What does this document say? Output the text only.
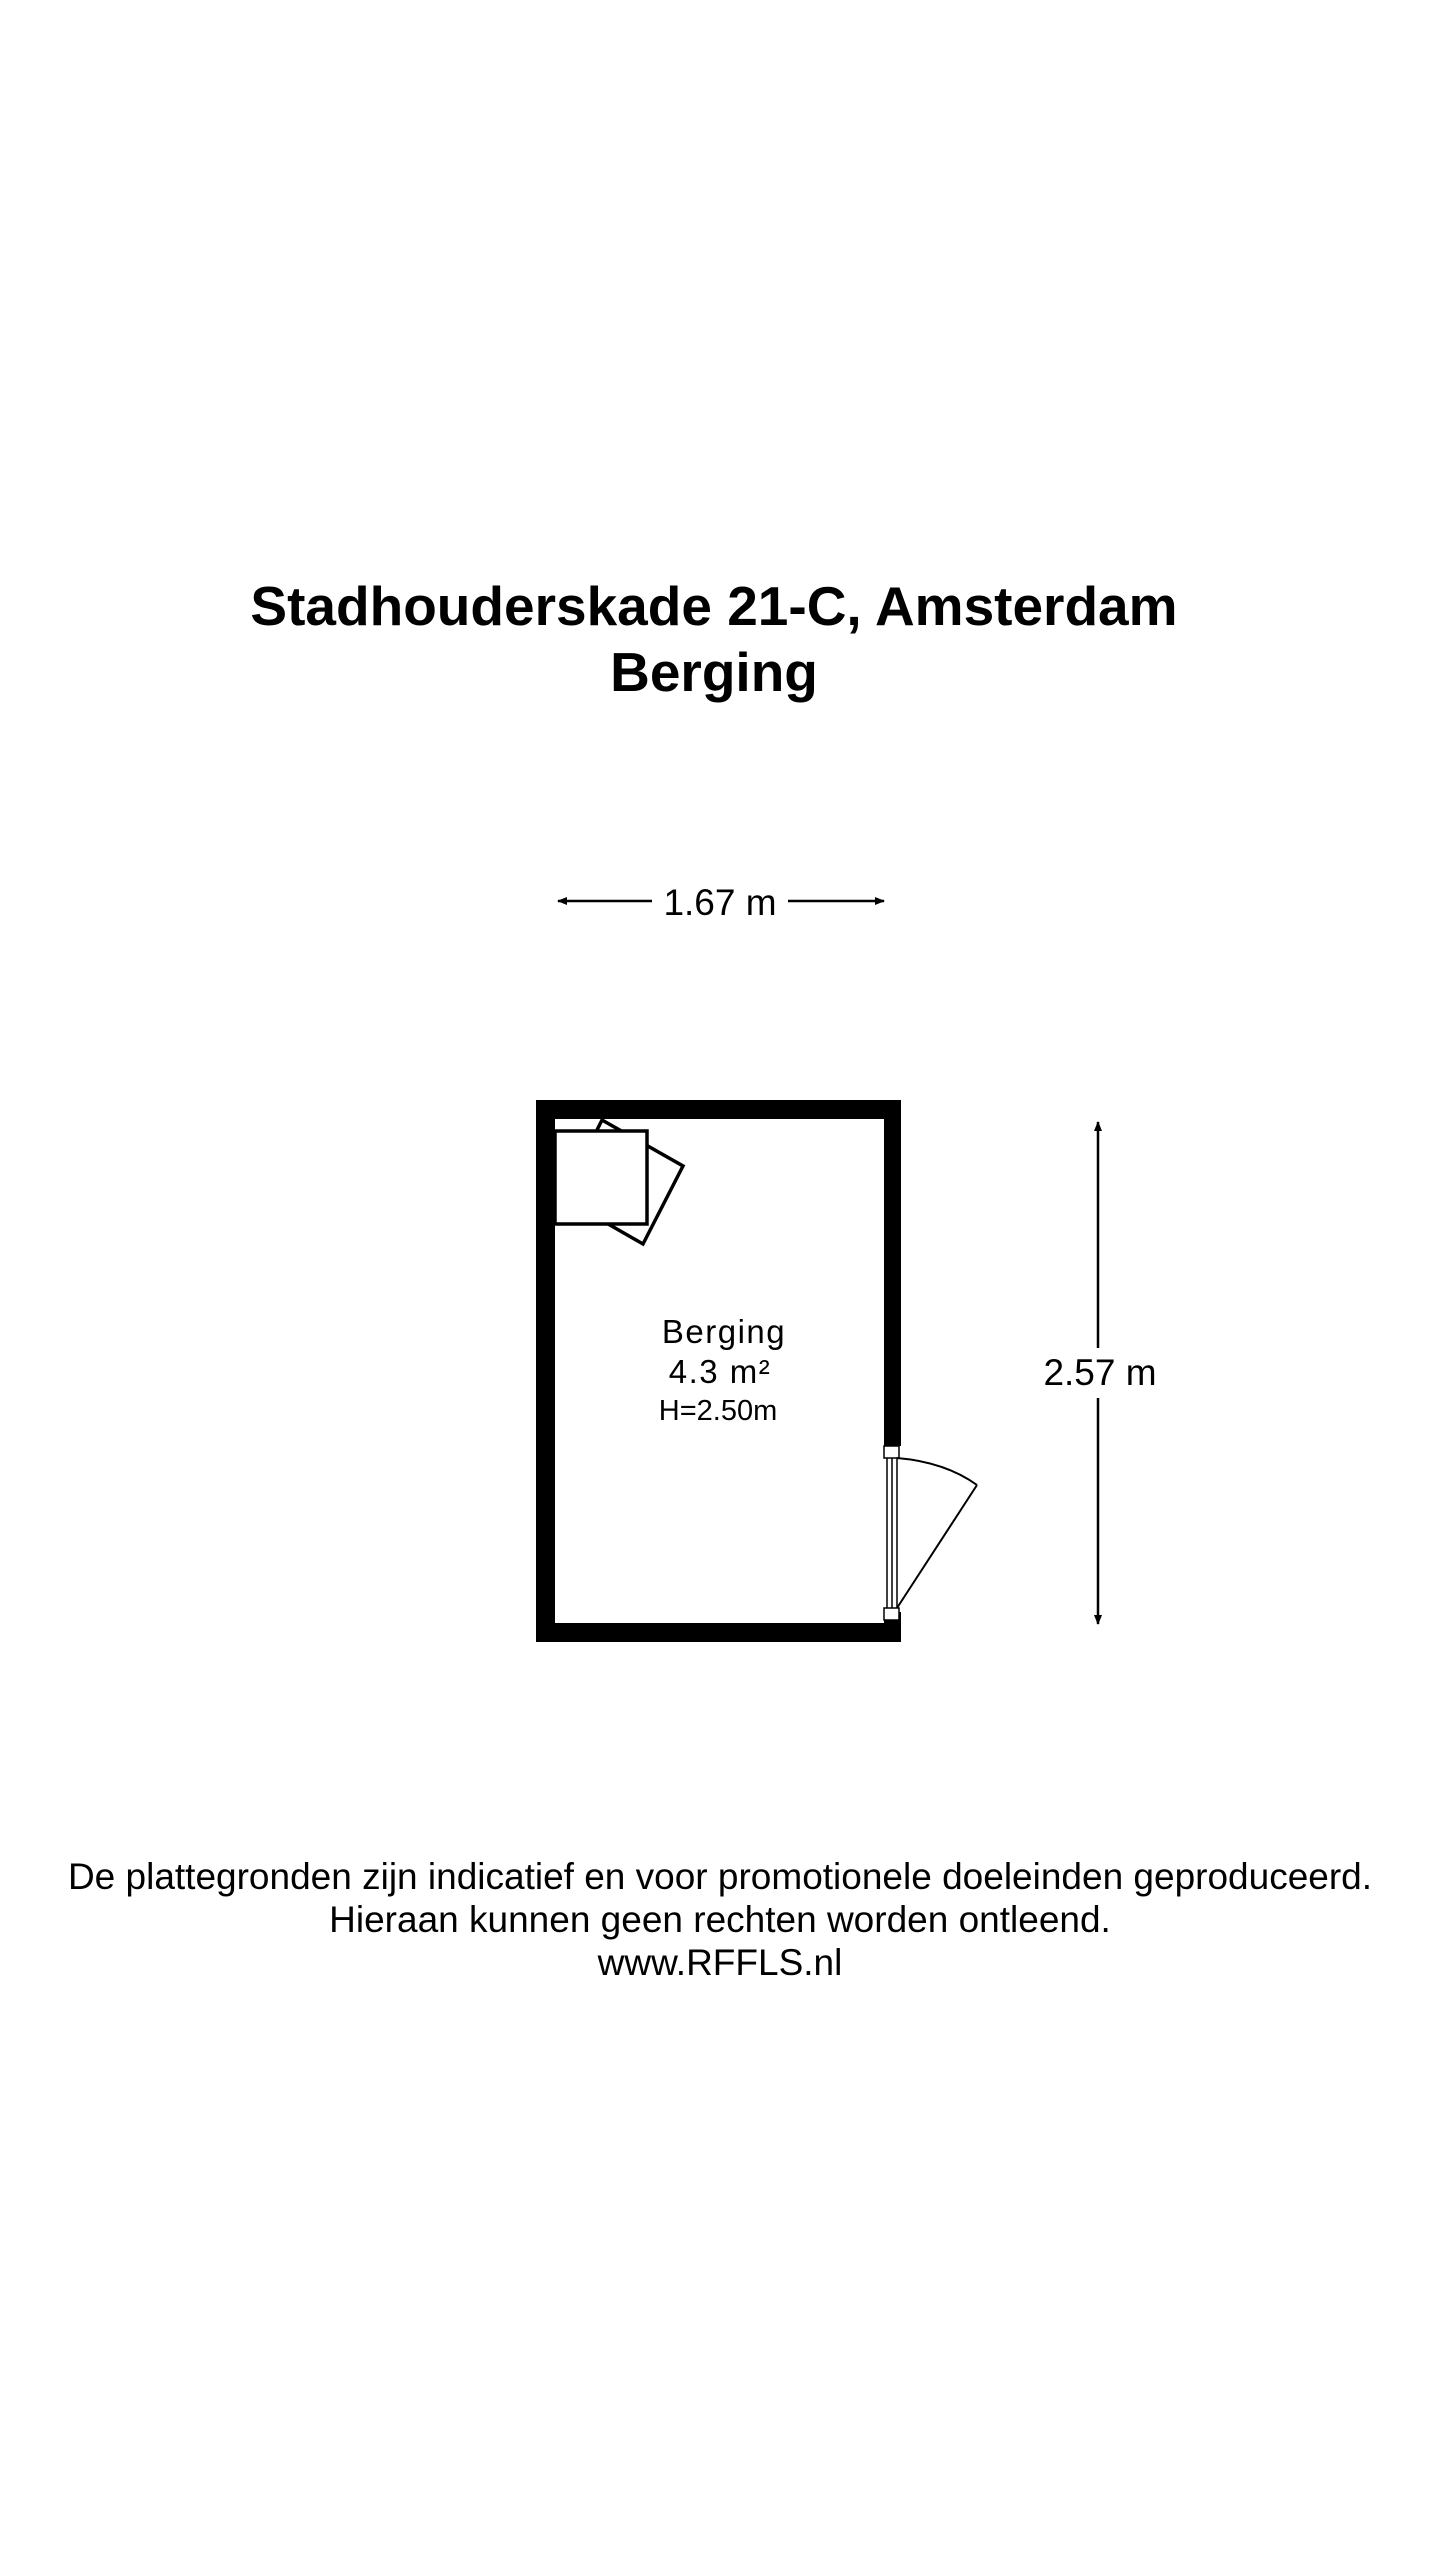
Stadhouderskade 21-C, Amsterdam
Berging
1.67 m
2.57 m
Berging
4.3 m²
H=2.50m
De plattegronden zijn indicatief en voor promotionele doeleinden geproduceerd.
Hieraan kunnen geen rechten worden ontleend.
www.RFFLS.nl
